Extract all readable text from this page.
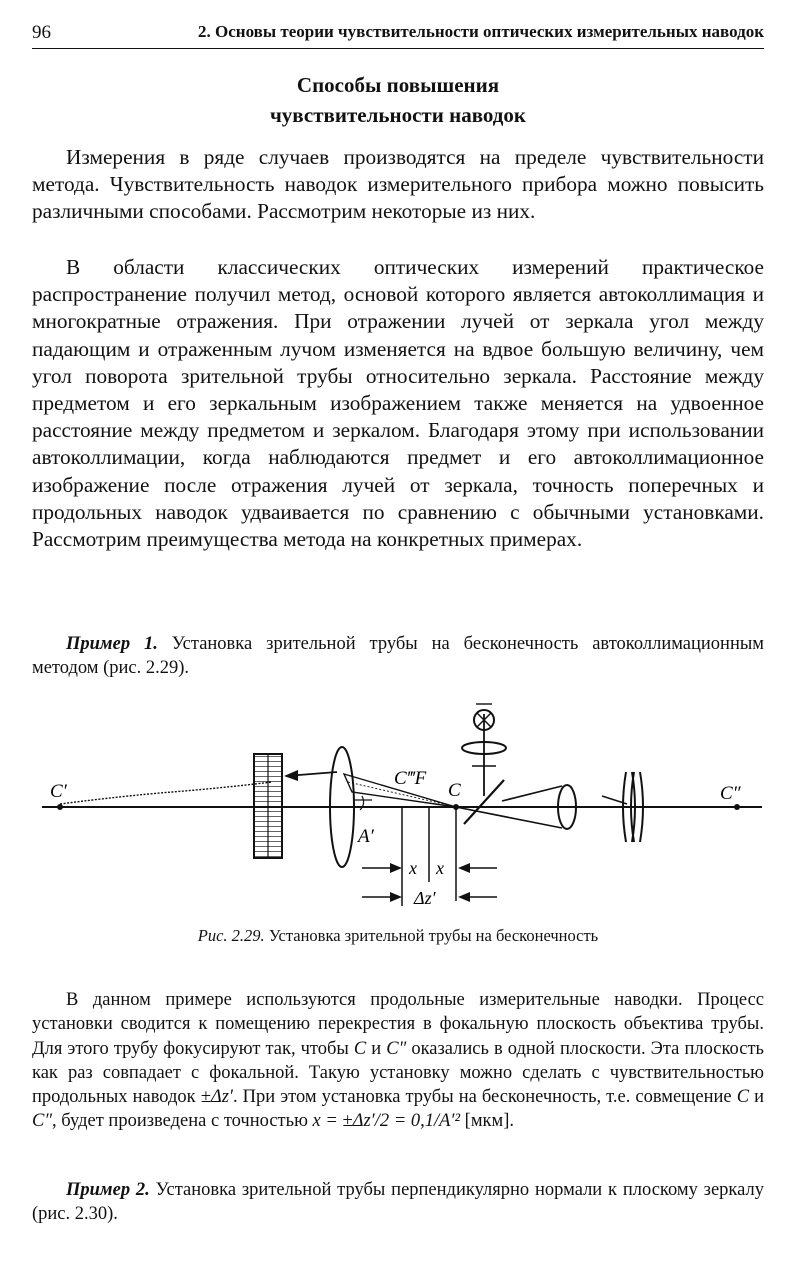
96	2. Основы теории чувствительности оптических измерительных наводок
Способы повышения
чувствительности наводок

Измерения в ряде случаев производятся на пределе чувствительности метода. Чувствительность наводок измерительного прибора можно повысить различными способами. Рассмотрим некоторые из них.

В области классических оптических измерений практическое распространение получил метод, основой которого является автоколлимация и многократные отражения. При отражении лучей от зеркала угол между падающим и отраженным лучом изменяется на вдвое большую величину, чем угол поворота зрительной трубы относительно зеркала. Расстояние между предметом и его зеркальным изображением также меняется на удвоенное расстояние между предметом и зеркалом. Благодаря этому при использовании автоколлимации, когда наблюдаются предмет и его автоколлимационное изображение после отражения лучей от зеркала, точность поперечных и продольных наводок удваивается по сравнению с обычными установками. Рассмотрим преимущества метода на конкретных примерах.

Пример 1. Установка зрительной трубы на бесконечность автоколлимационным методом (рис. 2.29).

C′
C‴F
C	C″
A′
x x
Δz′
Рис. 2.29. Установка зрительной трубы на бесконечность

В данном примере используются продольные измерительные наводки. Процесс установки сводится к помещению перекрестия в фокальную плоскость объектива трубы. Для этого трубу фокусируют так, чтобы C и C″ оказались в одной плоскости. Эта плоскость как раз совпадает с фокальной. Такую установку можно сделать с чувствительностью продольных наводок ±Δz′. При этом установка трубы на бесконечность, т.е. совмещение C и C″, будет произведена с точностью x = ±Δz′/2 = 0,1/A′² [мкм].

Пример 2. Установка зрительной трубы перпендикулярно нормали к плоскому зеркалу (рис. 2.30).
